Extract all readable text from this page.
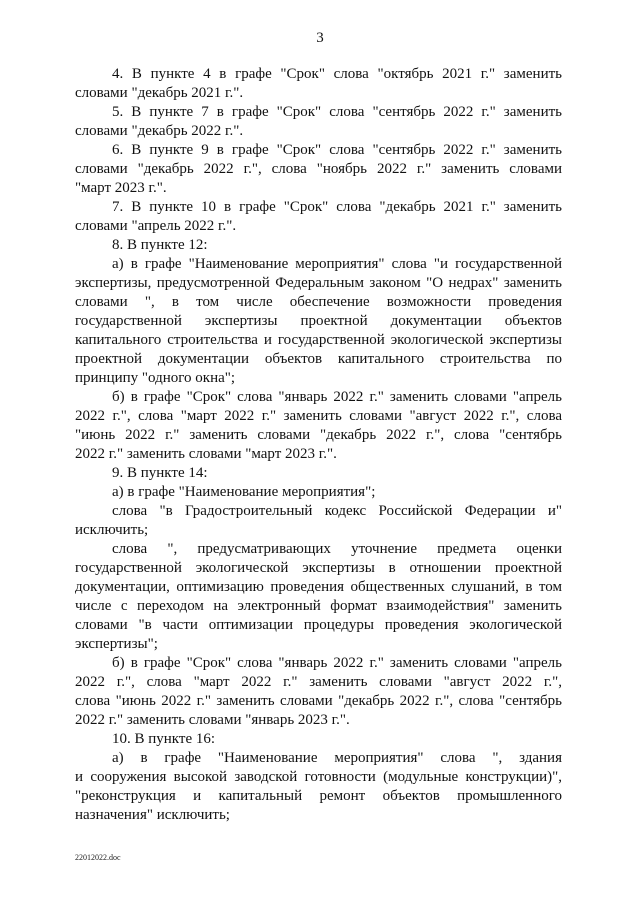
3
4. В пункте 4 в графе "Срок" слова "октябрь 2021 г." заменить
словами "декабрь 2021 г.".
5. В пункте 7 в графе "Срок" слова "сентябрь 2022 г." заменить
словами "декабрь 2022 г.".
6. В пункте 9 в графе "Срок" слова "сентябрь 2022 г." заменить
словами "декабрь 2022 г.", слова "ноябрь 2022 г." заменить словами
"март 2023 г.".
7. В пункте 10 в графе "Срок" слова "декабрь 2021 г." заменить
словами "апрель 2022 г.".
8. В пункте 12:
а) в графе "Наименование мероприятия" слова "и государственной
экспертизы, предусмотренной Федеральным законом "О недрах" заменить
словами ", в том числе обеспечение возможности проведения
государственной экспертизы проектной документации объектов
капитального строительства и государственной экологической экспертизы
проектной документации объектов капитального строительства по
принципу "одного окна";
б) в графе "Срок" слова "январь 2022 г." заменить словами "апрель
2022 г.", слова "март 2022 г." заменить словами "август 2022 г.", слова
"июнь 2022 г." заменить словами "декабрь 2022 г.", слова "сентябрь
2022 г." заменить словами "март 2023 г.".
9. В пункте 14:
а) в графе "Наименование мероприятия";
слова "в Градостроительный кодекс Российской Федерации и"
исключить;
слова ", предусматривающих уточнение предмета оценки
государственной экологической экспертизы в отношении проектной
документации, оптимизацию проведения общественных слушаний, в том
числе с переходом на электронный формат взаимодействия" заменить
словами "в части оптимизации процедуры проведения экологической
экспертизы";
б) в графе "Срок" слова "январь 2022 г." заменить словами "апрель
2022 г.", слова "март 2022 г." заменить словами "август 2022 г.",
слова "июнь 2022 г." заменить словами "декабрь 2022 г.", слова "сентябрь
2022 г." заменить словами "январь 2023 г.".
10. В пункте 16:
а) в графе "Наименование мероприятия" слова ", здания
и сооружения высокой заводской готовности (модульные конструкции)",
"реконструкция и капитальный ремонт объектов промышленного
назначения" исключить;
22012022.doc
